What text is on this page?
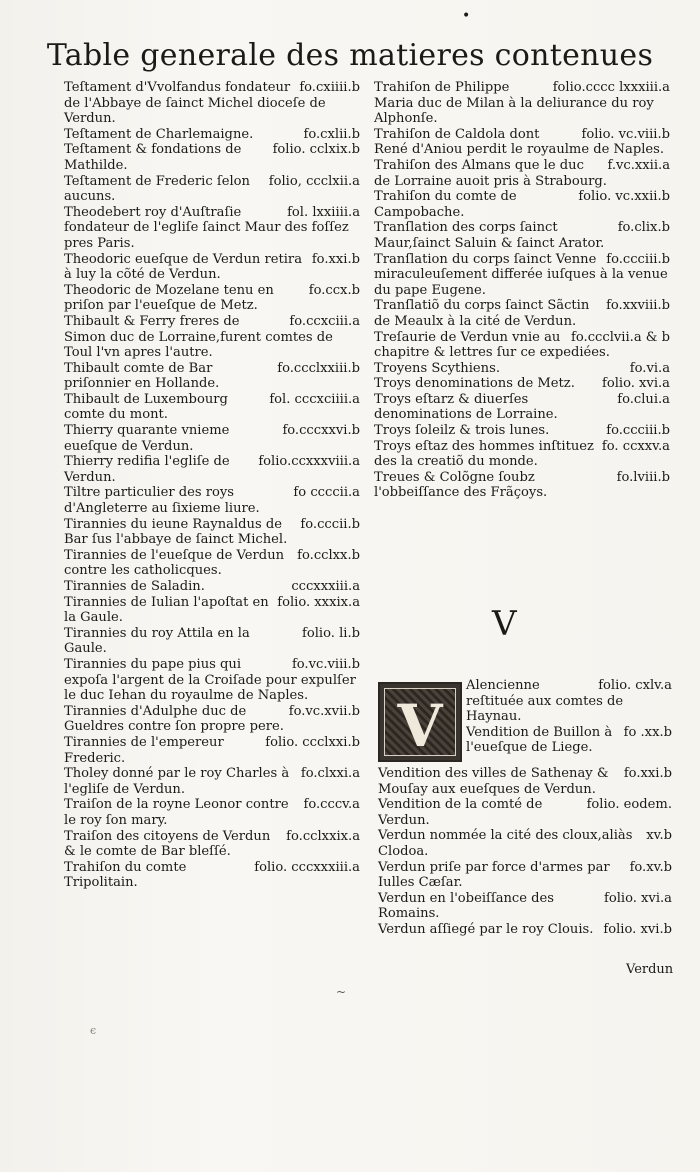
•
Table generale des matieres contenues
fo.cxiiii.b
Teſtament d'Vvolfandus fondateur de l'Abbaye de ſainct Michel dioceſe de Verdun.
fo.cxlii.b
Teſtament de Charlemaigne.
folio. cclxix.b
Teſtament & fondations de Mathilde.
folio, ccclxii.a
Teſtament de Frederic ſelon aucuns.
fol. lxxiiii.a
Theodebert roy d'Auſtraſie fondateur de l'egliſe ſainct Maur des foſſez pres Paris.
fo.xxi.b
Theodoric eueſque de Verdun retira à luy la cõté de Verdun.
fo.ccx.b
Theodoric de Mozelane tenu en priſon par l'eueſque de Metz.
fo.ccxciii.a
Thibault & Ferry freres de Simon duc de Lorraine,furent comtes de Toul l'vn apres l'autre.
fo.ccclxxiii.b
Thibault comte de Bar priſonnier en Hollande.
fol. cccxciiii.a
Thibault de Luxembourg comte du mont.
fo.cccxxvi.b
Thierry quarante vnieme eueſque de Verdun.
folio.ccxxxviii.a
Thierry redifia l'egliſe de Verdun.
fo ccccii.a
Tiltre particulier des roys d'Angleterre au ſixieme liure.
fo.cccii.b
Tirannies du ieune Raynaldus de Bar ſus l'abbaye de ſainct Michel.
fo.cclxx.b
Tirannies de l'eueſque de Verdun contre les catholicques.
cccxxxiii.a
Tirannies de Saladin.
folio. xxxix.a
Tirannies de Iulian l'apoſtat en la Gaule.
folio. li.b
Tirannies du roy Attila en la Gaule.
fo.vc.viii.b
Tirannies du pape pius qui expoſa l'argent de la Croiſade pour expulſer le duc Iehan du royaulme de Naples.
fo.vc.xvii.b
Tirannies d'Adulphe duc de Gueldres contre ſon propre pere.
folio. ccclxxi.b
Tirannies de l'empereur Frederic.
fo.clxxi.a
Tholey donné par le roy Charles à l'egliſe de Verdun.
fo.cccv.a
Traiſon de la royne Leonor contre le roy ſon mary.
fo.cclxxix.a
Traiſon des citoyens de Verdun & le comte de Bar bleſſé.
folio. cccxxxiii.a
Trahiſon du comte Tripolitain.
folio.cccc lxxxiii.a
Trahiſon de Philippe Maria duc de Milan à la deliurance du roy Alphonſe.
folio. vc.viii.b
Trahiſon de Caldola dont René d'Aniou perdit le royaulme de Naples.
f.vc.xxii.a
Trahiſon des Almans que le duc de Lorraine auoit pris à Strabourg.
folio. vc.xxii.b
Trahiſon du comte de Campobache.
fo.clix.b
Tranſlation des corps ſainct Maur,ſainct Saluin & ſainct Arator.
fo.ccciii.b
Tranſlation du corps ſainct Venne miraculeuſement differée iuſques à la venue du pape Eugene.
fo.xxviii.b
Tranſlatiõ du corps ſainct Sãctin de Meaulx à la cité de Verdun.
fo.ccclvii.a & b
Treſaurie de Verdun vnie au chapitre & lettres ſur ce expediées.
fo.vi.a
Troyens Scythiens.
folio. xvi.a
Troys denominations de Metz.
fo.clui.a
Troys eſtarz & diuerſes denominations de Lorraine.
fo.ccciii.b
Troys ſoleilz & trois lunes.
fo. ccxxv.a
Troys eſtaz des hommes inſtituez des la creatiõ du monde.
fo.lviii.b
Treues & Colõgne ſoubz l'obbeiſſance des Frãçoys.
V
V
folio. cxlv.a
Alencienne reſtituée aux comtes de Haynau.
fo .xx.b
Vendition de Buillon à l'eueſque de Liege.
fo.xxi.b
Vendition des villes de Sathenay & Mouſay aux eueſques de Verdun.
folio. eodem.
Vendition de la comté de Verdun.
xv.b
Verdun nommée la cité des cloux,aliàs Clodoa.
fo.xv.b
Verdun priſe par force d'armes par Iulles Cæſar.
folio. xvi.a
Verdun en l'obeiſſance des Romains.
folio. xvi.b
Verdun aſſiegé par le roy Clouis.
Verdun
~
ϵ
